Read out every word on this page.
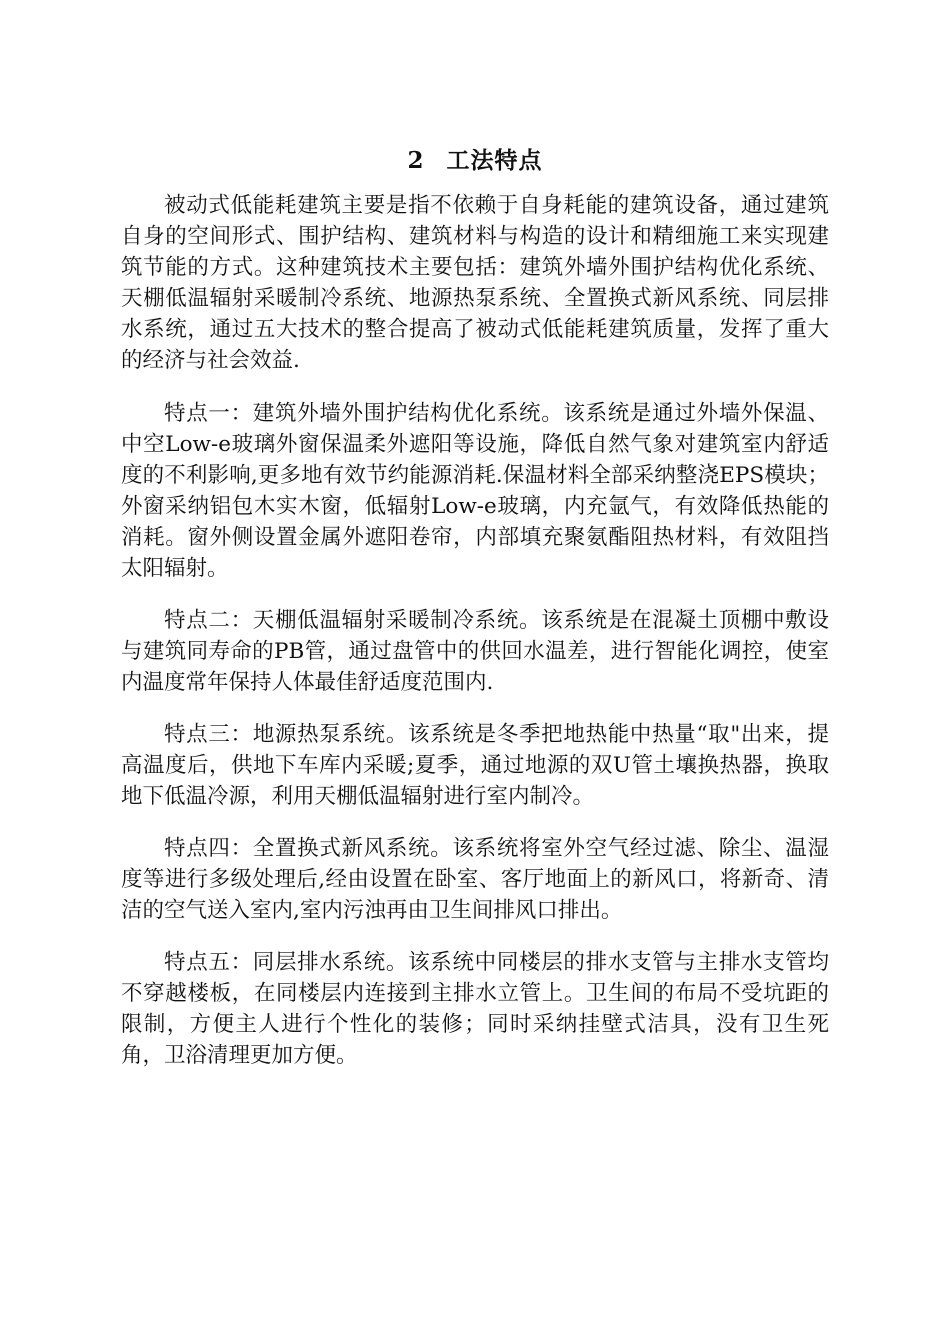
2 工法特点

被动式低能耗建筑主要是指不依赖于自身耗能的建筑设备，通过建筑自身的空间形式、围护结构、建筑材料与构造的设计和精细施工来实现建筑节能的方式。这种建筑技术主要包括：建筑外墙外围护结构优化系统、天棚低温辐射采暖制冷系统、地源热泵系统、全置换式新风系统、同层排水系统，通过五大技术的整合提高了被动式低能耗建筑质量，发挥了重大的经济与社会效益.

特点一：建筑外墙外围护结构优化系统。该系统是通过外墙外保温、中空Low-e玻璃外窗保温柔外遮阳等设施，降低自然气象对建筑室内舒适度的不利影响,更多地有效节约能源消耗.保温材料全部采纳整浇EPS模块；外窗采纳铝包木实木窗，低辐射Low-e玻璃，内充氩气，有效降低热能的消耗。窗外侧设置金属外遮阳卷帘，内部填充聚氨酯阻热材料，有效阻挡太阳辐射。

特点二：天棚低温辐射采暖制冷系统。该系统是在混凝土顶棚中敷设与建筑同寿命的PB管，通过盘管中的供回水温差，进行智能化调控，使室内温度常年保持人体最佳舒适度范围内.

特点三：地源热泵系统。该系统是冬季把地热能中热量“取"出来，提高温度后，供地下车库内采暖;夏季，通过地源的双U管土壤换热器，换取地下低温冷源，利用天棚低温辐射进行室内制冷。

特点四：全置换式新风系统。该系统将室外空气经过滤、除尘、温湿度等进行多级处理后,经由设置在卧室、客厅地面上的新风口，将新奇、清洁的空气送入室内,室内污浊再由卫生间排风口排出。

特点五：同层排水系统。该系统中同楼层的排水支管与主排水支管均不穿越楼板，在同楼层内连接到主排水立管上。卫生间的布局不受坑距的限制，方便主人进行个性化的装修；同时采纳挂壁式洁具，没有卫生死角，卫浴清理更加方便。
